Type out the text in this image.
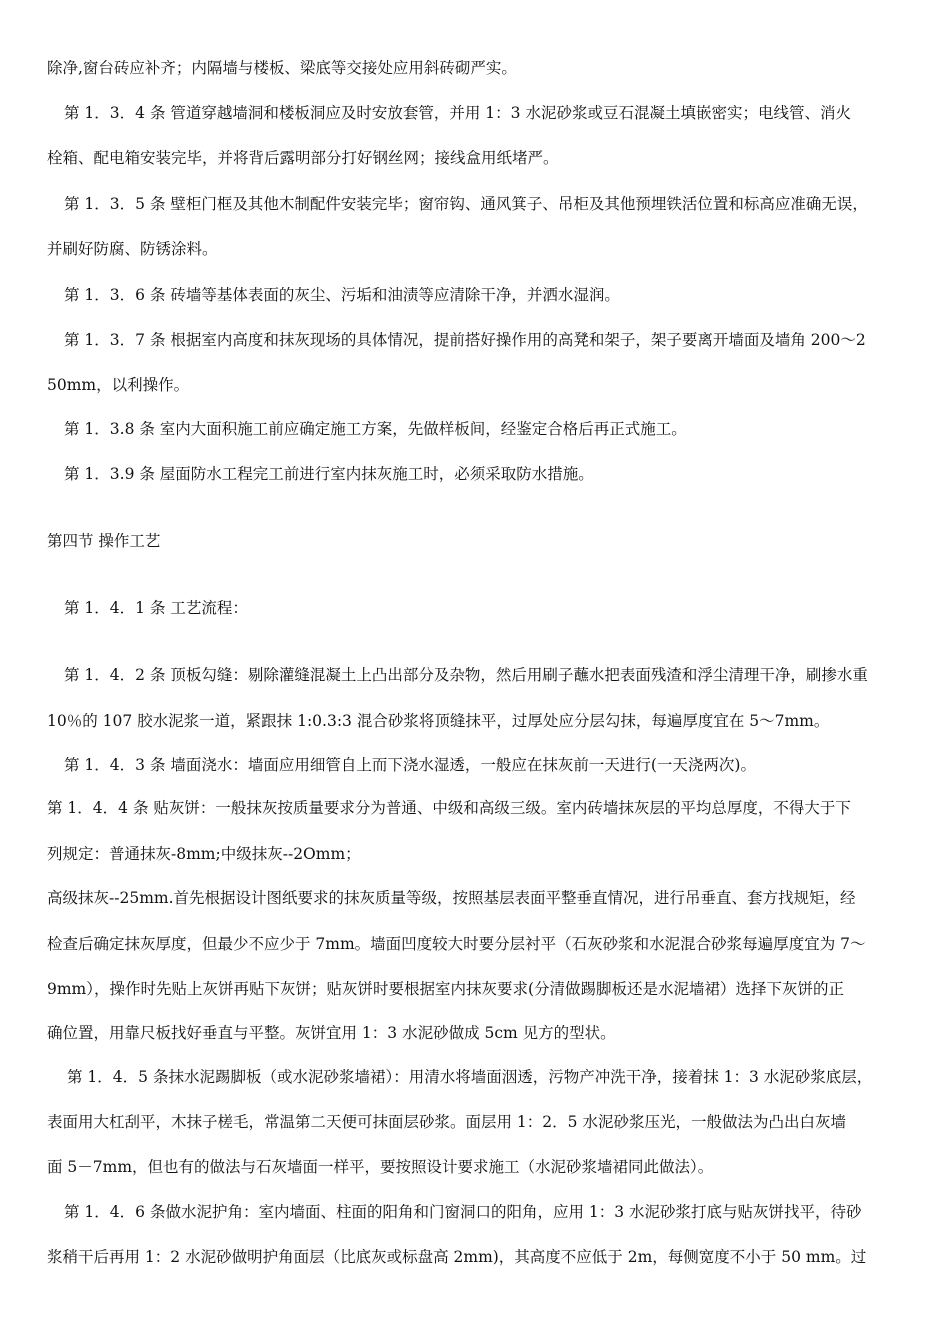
除净,窗台砖应补齐；内隔墙与楼板、梁底等交接处应用斜砖砌严实。
第 1．3．4 条 管道穿越墙洞和楼板洞应及时安放套管，并用 1：3 水泥砂浆或豆石混凝土填嵌密实；电线管、消火
栓箱、配电箱安装完毕，并将背后露明部分打好钢丝网；接线盒用纸堵严。
第 1．3．5 条 壁柜门框及其他木制配件安装完毕；窗帘钩、通风箕子、吊柜及其他预埋铁活位置和标高应准确无误，
并刷好防腐、防锈涂料。
第 1．3．6 条 砖墙等基体表面的灰尘、污垢和油渍等应清除干净，并洒水湿润。
第 1．3．7 条 根据室内高度和抹灰现场的具体情况，提前搭好操作用的高凳和架子，架子要离开墙面及墙角 200～2
50mm，以利操作。
第 1．3.8 条 室内大面积施工前应确定施工方案，先做样板间，经鉴定合格后再正式施工。
第 1．3.9 条 屋面防水工程完工前进行室内抹灰施工时，必须采取防水措施。
第四节 操作工艺
第 1．4．1 条 工艺流程：
第 1．4．2 条 顶板勾缝：剔除灌缝混凝土上凸出部分及杂物，然后用刷子蘸水把表面残渣和浮尘清理干净，刷掺水重
10％的 107 胶水泥浆一道，紧跟抹 1:0.3:3 混合砂浆将顶缝抹平，过厚处应分层勾抹，每遍厚度宜在 5～7mm。
第 1．4．3 条 墙面浇水：墙面应用细管自上而下浇水湿透，一般应在抹灰前一天进行(一天浇两次)。
第 1．4．4 条 贴灰饼：一般抹灰按质量要求分为普通、中级和高级三级。室内砖墙抹灰层的平均总厚度，不得大于下
列规定：普通抹灰-8mm;中级抹灰--2Omm；
高级抹灰--25mm.首先根据设计图纸要求的抹灰质量等级，按照基层表面平整垂直情况，进行吊垂直、套方找规矩，经
检查后确定抹灰厚度，但最少不应少于 7mm。墙面凹度较大时要分层衬平（石灰砂浆和水泥混合砂浆每遍厚度宜为 7～
9mm），操作时先贴上灰饼再贴下灰饼；贴灰饼时要根据室内抹灰要求(分清做踢脚板还是水泥墙裙）选择下灰饼的正
确位置，用靠尺板找好垂直与平整。灰饼宜用 1：3 水泥砂做成 5cm 见方的型状。
第 1．4．5 条抹水泥踢脚板（或水泥砂浆墙裙）：用清水将墙面洇透，污物产冲洗干净，接着抹 1：3 水泥砂浆底层，
表面用大杠刮平，木抹子槎毛，常温第二天便可抹面层砂浆。面层用 1：2．5 水泥砂浆压光，一般做法为凸出白灰墙
面 5－7mm，但也有的做法与石灰墙面一样平，要按照设计要求施工（水泥砂浆墙裙同此做法）。
第 1．4．6 条做水泥护角：室内墙面、柱面的阳角和门窗洞口的阳角，应用 1：3 水泥砂浆打底与贴灰饼找平，待砂
浆稍干后再用 1：2 水泥砂做明护角面层（比底灰或标盘高 2mm)，其高度不应低于 2m，每侧宽度不小于 50 mm。过
